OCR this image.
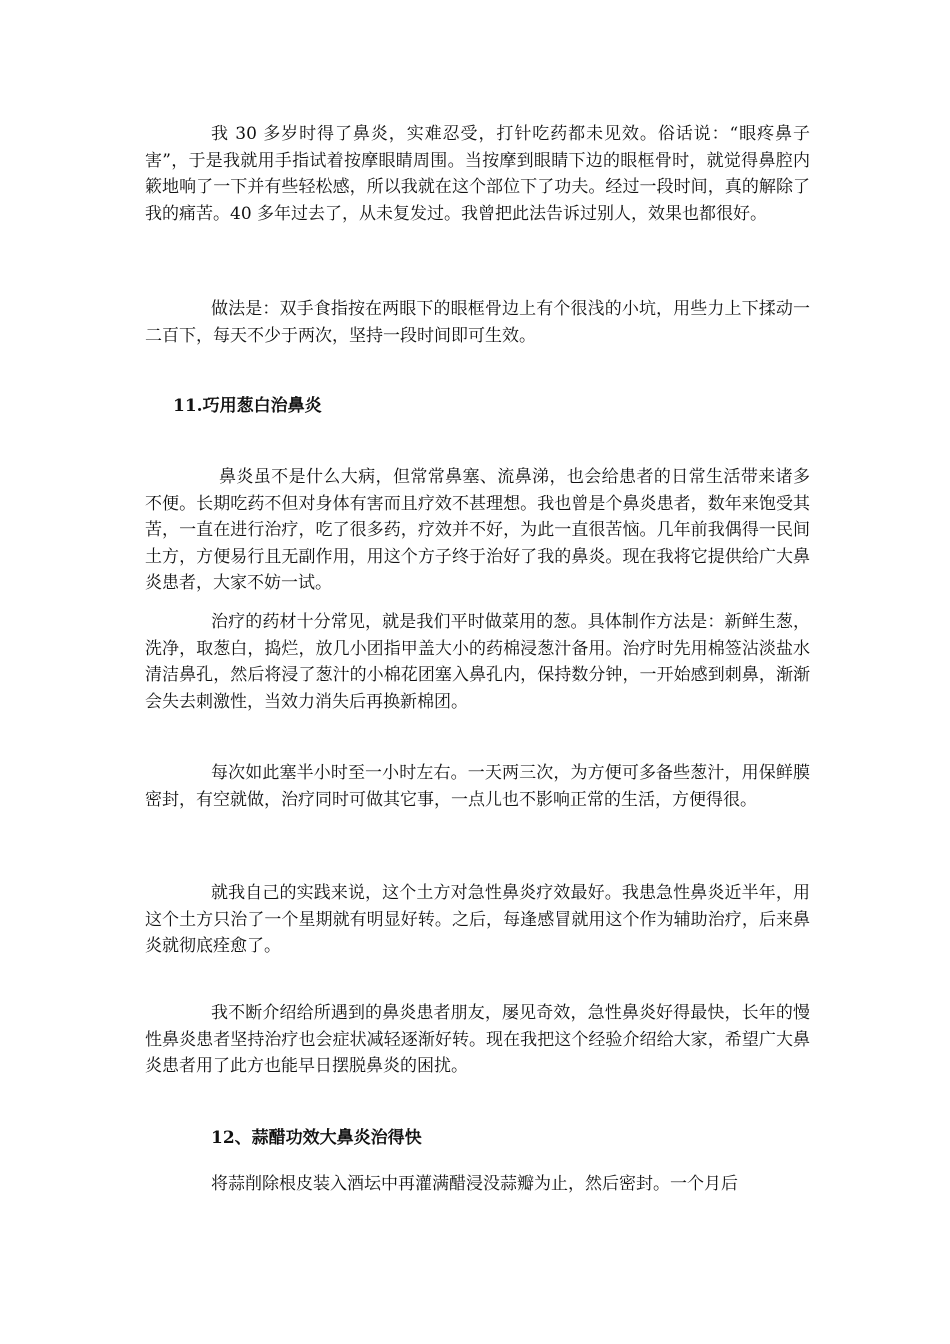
我 30 多岁时得了鼻炎，实难忍受，打针吃药都未见效。俗话说：“眼疼鼻子害”，于是我就用手指试着按摩眼睛周围。当按摩到眼睛下边的眼框骨时，就觉得鼻腔内簌地响了一下并有些轻松感，所以我就在这个部位下了功夫。经过一段时间，真的解除了我的痛苦。40 多年过去了，从未复发过。我曾把此法告诉过别人，效果也都很好。

做法是：双手食指按在两眼下的眼框骨边上有个很浅的小坑，用些力上下揉动一二百下，每天不少于两次，坚持一段时间即可生效。

11.巧用葱白治鼻炎

鼻炎虽不是什么大病，但常常鼻塞、流鼻涕，也会给患者的日常生活带来诸多不便。长期吃药不但对身体有害而且疗效不甚理想。我也曾是个鼻炎患者，数年来饱受其苦，一直在进行治疗，吃了很多药，疗效并不好，为此一直很苦恼。几年前我偶得一民间土方，方便易行且无副作用，用这个方子终于治好了我的鼻炎。现在我将它提供给广大鼻炎患者，大家不妨一试。

治疗的药材十分常见，就是我们平时做菜用的葱。具体制作方法是：新鲜生葱，洗净，取葱白，捣烂，放几小团指甲盖大小的药棉浸葱汁备用。治疗时先用棉签沾淡盐水清洁鼻孔，然后将浸了葱汁的小棉花团塞入鼻孔内，保持数分钟，一开始感到刺鼻，渐渐会失去刺激性，当效力消失后再换新棉团。

每次如此塞半小时至一小时左右。一天两三次，为方便可多备些葱汁，用保鲜膜密封，有空就做，治疗同时可做其它事，一点儿也不影响正常的生活，方便得很。

就我自己的实践来说，这个土方对急性鼻炎疗效最好。我患急性鼻炎近半年，用这个土方只治了一个星期就有明显好转。之后，每逢感冒就用这个作为辅助治疗，后来鼻炎就彻底痊愈了。

我不断介绍给所遇到的鼻炎患者朋友，屡见奇效，急性鼻炎好得最快，长年的慢性鼻炎患者坚持治疗也会症状减轻逐渐好转。现在我把这个经验介绍给大家，希望广大鼻炎患者用了此方也能早日摆脱鼻炎的困扰。

12、蒜醋功效大鼻炎治得快

将蒜削除根皮装入酒坛中再灌满醋浸没蒜瓣为止，然后密封。一个月后
